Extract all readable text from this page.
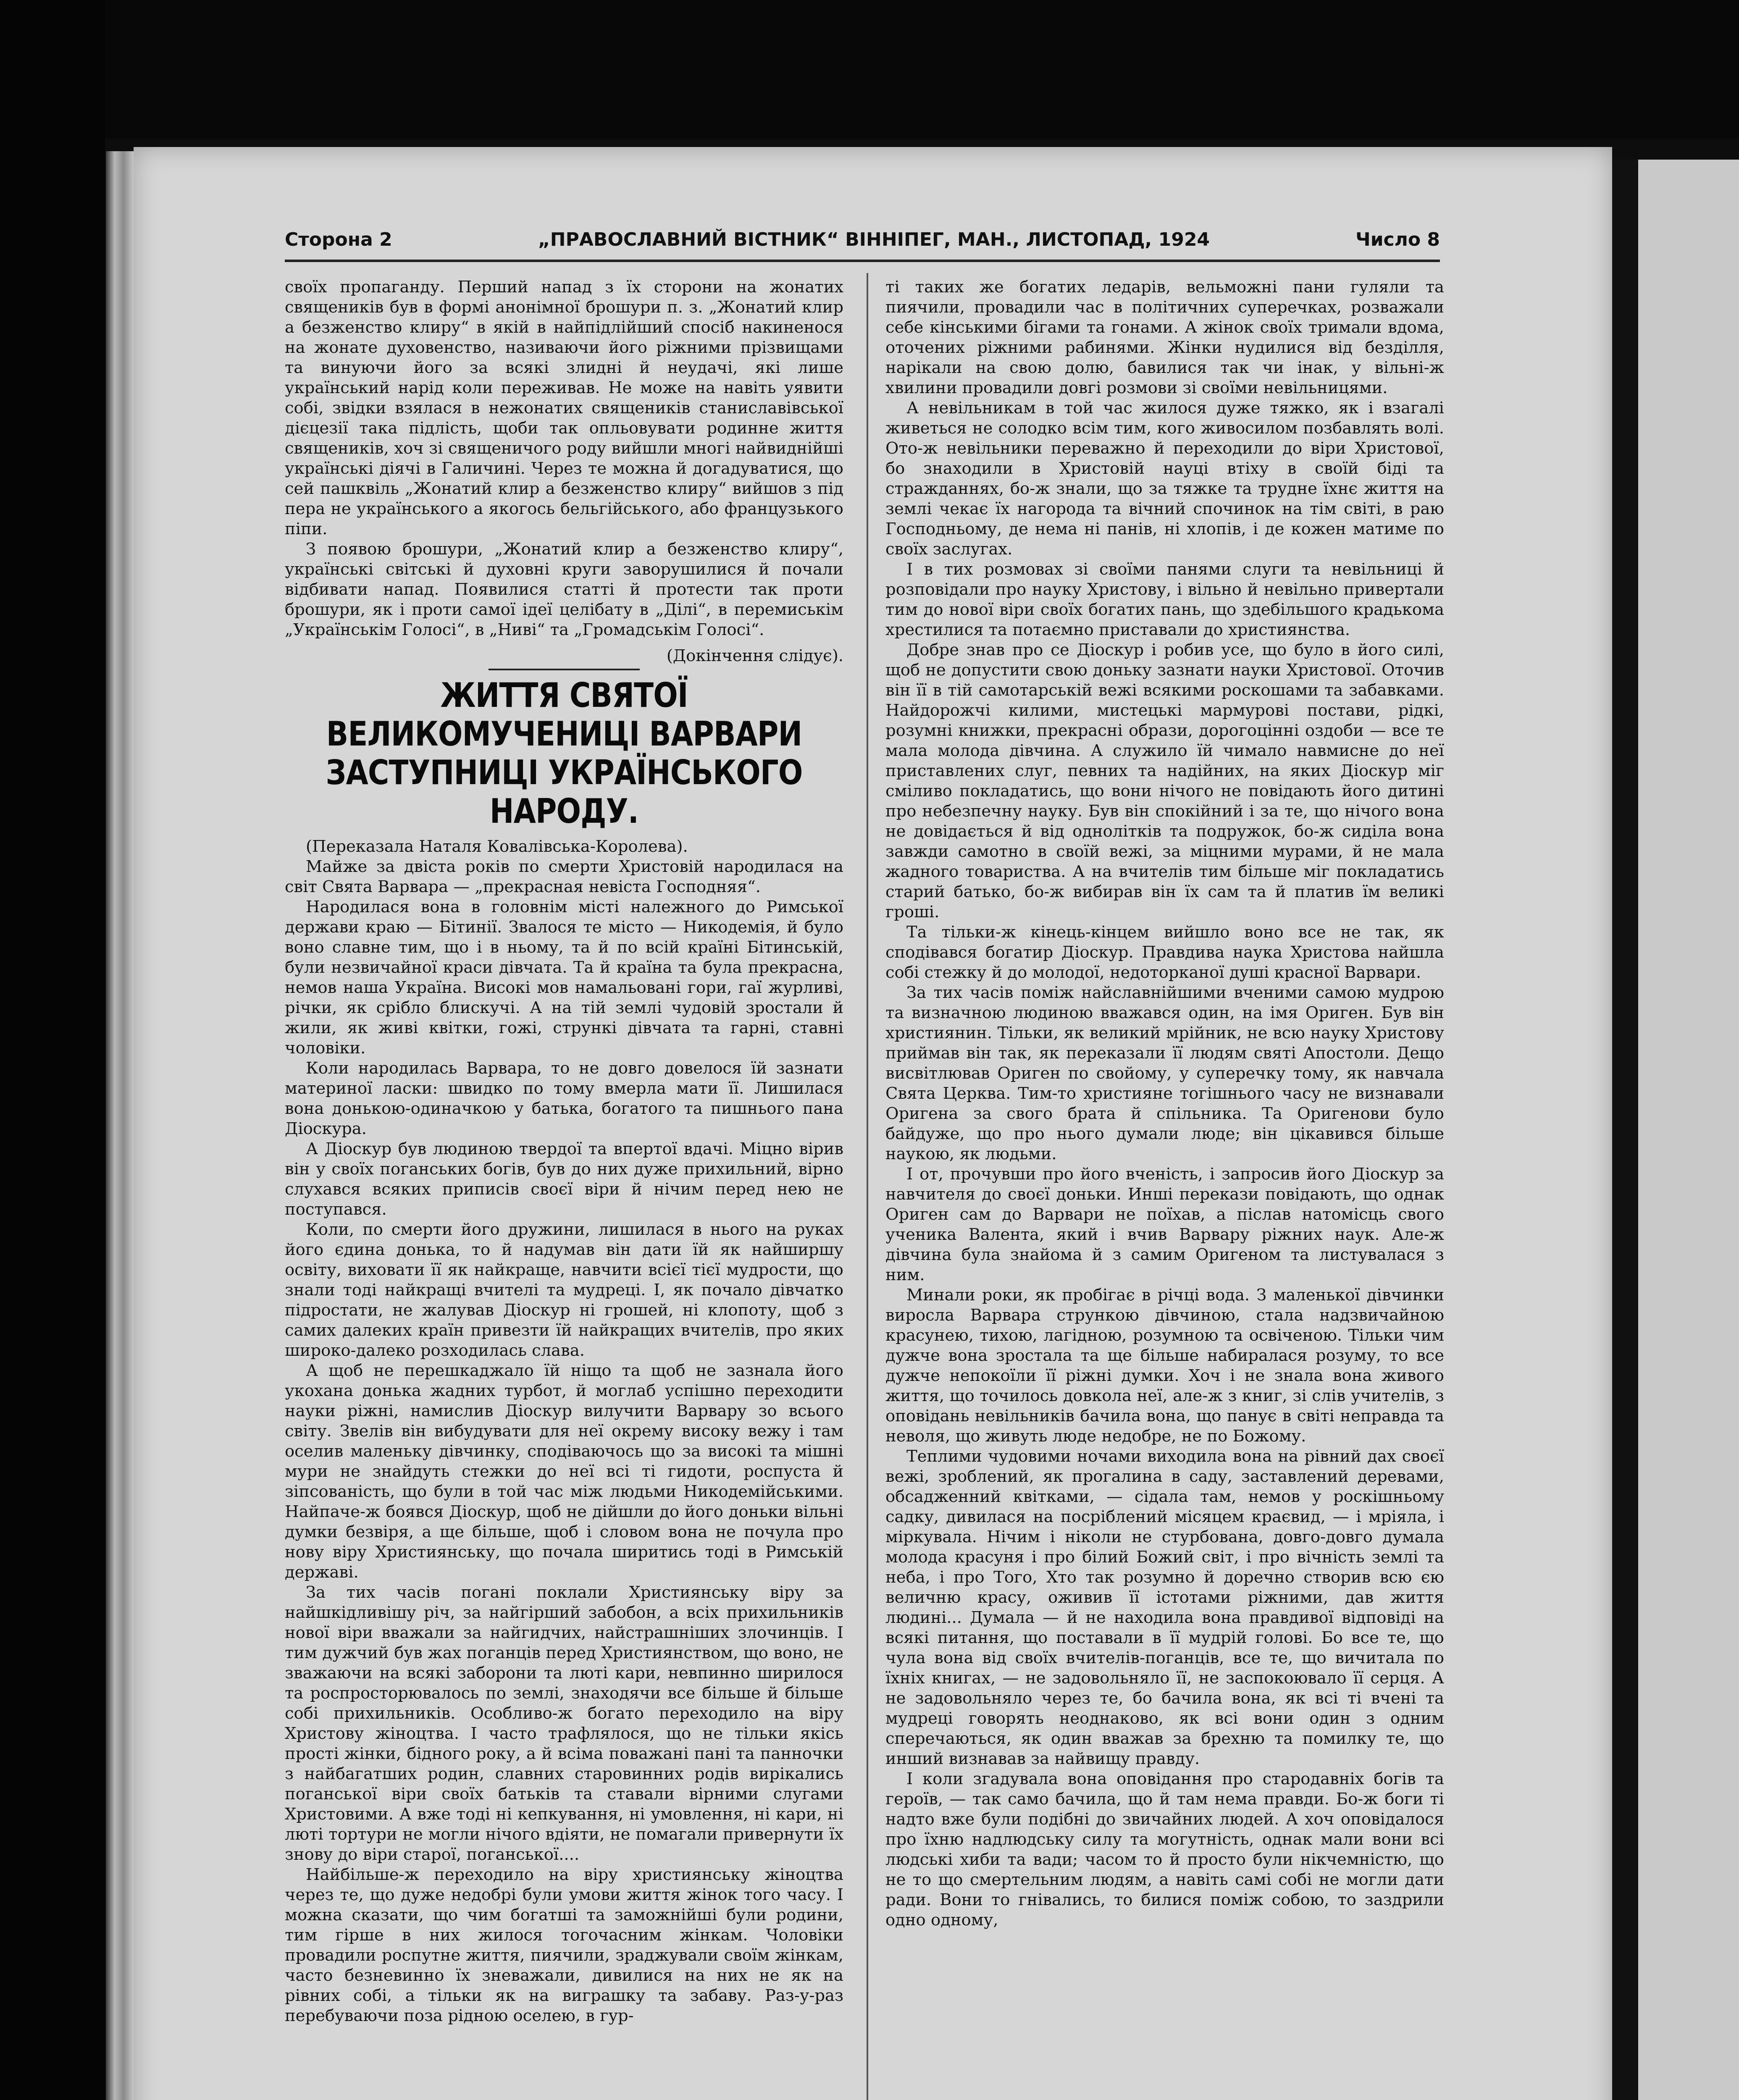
Сторона 2	„ПРАВОСЛАВНИЙ ВІСТНИК“ ВІННІПЕГ, МАН., ЛИСТОПАД, 1924	Число 8

своїх пропаганду. Перший напад з їх сторони на жонатих священиків був в формі анонімної брошури п. з. „Жонатий клир а безженство клиру“ в якій в найпідлійший спосіб накиненося на жонате духовенство, називаючи його ріжними прізвищами та винуючи його за всякі злидні й неудачі, які лише український нарід коли переживав. Не може на навіть уявити собі, звідки взялася в нежонатих священиків станиславівської дієцезії така підлість, щоби так опльовувати родинне життя священиків, хоч зі священичого роду вийшли многі найвиднійші українські діячі в Галичині. Через те можна й догадуватися, що сей пашквіль „Жонатий клир а безженство клиру“ вийшов з під пера не українського а якогось бельгійського, або французького піпи.

З появою брошури, „Жонатий клир а безженство клиру“, українські світські й духовні круги заворушилися й почали відбивати напад. Появилися статті й протести так проти брошури, як і проти самої ідеї целібату в „Ділі“, в перемиськім „Українськім Голосі“, в „Ниві“ та „Громадськім Голосі“.

(Докінчення слідує).

ЖИТТЯ СВЯТОЇ ВЕЛИКОМУЧЕНИЦІ ВАРВАРИ ЗАСТУПНИЦІ УКРАЇНСЬКОГО НАРОДУ.

(Переказала Наталя Ковалівська-Королева).

Майже за двіста років по смерти Христовій народилася на світ Свята Варвара — „прекрасная невіста Господняя“.

Народилася вона в головнім місті належного до Римської держави краю — Бітинії. Звалося те місто — Никодемія, й було воно славне тим, що і в ньому, та й по всій країні Бітинській, були незвичайної краси дівчата. Та й країна та була прекрасна, немов наша Україна. Високі мов намальовані гори, гаї журливі, річки, як срібло блискучі. А на тій землі чудовій зростали й жили, як живі квітки, гожі, стрункі дівчата та гарні, ставні чоловіки.

Коли народилась Варвара, то не довго довелося їй зазнати материної ласки: швидко по тому вмерла мати її. Лишилася вона донькою-одиначкою у батька, богатого та пишнього пана Діоскура.

А Діоскур був людиною твердої та впертої вдачі. Міцно вірив він у своїх поганських богів, був до них дуже прихильний, вірно слухався всяких приписів своєї віри й нічим перед нею не поступався.

Коли, по смерти його дружини, лишилася в нього на руках його єдина донька, то й надумав він дати їй як найширшу освіту, виховати її як найкраще, навчити всієї тієї мудрости, що знали тоді найкращі вчителі та мудреці. І, як почало дівчатко підростати, не жалував Діоскур ні грошей, ні клопоту, щоб з самих далеких країн привезти їй найкращих вчителів, про яких широко-далеко розходилась слава.

А щоб не перешкаджало їй ніщо та щоб не зазнала його укохана донька жадних турбот, й моглаб успішно переходити науки ріжні, намислив Діоскур вилучити Варвару зо всього світу. Звелів він вибудувати для неї окрему високу вежу і там оселив маленьку дівчинку, сподіваючось що за високі та мішні мури не знайдуть стежки до неї всі ті гидоти, роспуста й зіпсованість, що були в той час між людьми Никодемійськими. Найпаче-ж боявся Діоскур, щоб не дійшли до його доньки вільні думки безвіря, а ще більше, щоб і словом вона не почула про нову віру Християнську, що почала ширитись тоді в Римській державі.

За тих часів погані поклали Християнську віру за найшкідливішу річ, за найгірший забобон, а всіх прихильників нової віри вважали за найгидчих, найстрашніших злочинців. І тим дужчий був жах поганців перед Християнством, що воно, не зважаючи на всякі заборони та люті кари, невпинно ширилося та роспросторювалось по землі, знаходячи все більше й більше собі прихильників. Особливо-ж богато переходило на віру Христову жіноцтва. І часто трафлялося, що не тільки якісь прості жінки, бідного року, а й всіма поважані пані та панночки з найбагатших родин, славних старовинних родів вирікались поганської віри своїх батьків та ставали вірними слугами Христовими. А вже тоді ні кепкування, ні умовлення, ні кари, ні люті тортури не могли нічого вдіяти, не помагали привернути їх знову до віри старої, поганської....

Найбільше-ж переходило на віру християнську жіноцтва через те, що дуже недобрі були умови життя жінок того часу. І можна сказати, що чим богатші та заможнійші були родини, тим гірше в них жилося тогочасним жінкам. Чоловіки провадили роспутне життя, пиячили, зраджували своїм жінкам, часто безневинно їх зневажали, дивилися на них не як на рівних собі, а тільки як на виграшку та забаву. Раз-у-раз перебуваючи поза рідною оселею, в гур-

ті таких же богатих ледарів, вельможні пани гуляли та пиячили, провадили час в політичних суперечках, розважали себе кінськими бігами та гонами. А жінок своїх тримали вдома, оточених ріжними рабинями. Жінки нудилися від безділля, нарікали на свою долю, бавилися так чи інак, у вільні-ж хвилини провадили довгі розмови зі своїми невільницями.

А невільникам в той час жилося дуже тяжко, як і взагалі живеться не солодко всім тим, кого живосилом позбавлять волі. Ото-ж невільники переважно й переходили до віри Христової, бо знаходили в Христовій науці втіху в своїй біді та стражданнях, бо-ж знали, що за тяжке та трудне їхнє життя на землі чекає їх нагорода та вічний спочинок на тім світі, в раю Господньому, де нема ні панів, ні хлопів, і де кожен матиме по своїх заслугах.

І в тих розмовах зі своїми панями слуги та невільниці й розповідали про науку Христову, і вільно й невільно привертали тим до нової віри своїх богатих пань, що здебільшого крадькома хрестилися та потаємно приставали до християнства.

Добре знав про се Діоскур і робив усе, що було в його силі, щоб не допустити свою доньку зазнати науки Христової. Оточив він її в тій самотарській вежі всякими роскошами та забавками. Найдорожчі килими, мистецькі мармурові постави, рідкі, розумні книжки, прекрасні образи, дорогоцінні оздоби — все те мала молода дівчина. А служило їй чимало навмисне до неї приставлених слуг, певних та надійних, на яких Діоскур міг сміливо покладатись, що вони нічого не повідають його дитині про небезпечну науку. Був він спокійний і за те, що нічого вона не довідається й від однолітків та подружок, бо-ж сиділа вона завжди самотно в своїй вежі, за міцними мурами, й не мала жадного товариства. А на вчителів тим більше міг покладатись старий батько, бо-ж вибирав він їх сам та й платив їм великі гроші.

Та тільки-ж кінець-кінцем вийшло воно все не так, як сподівався богатир Діоскур. Правдива наука Христова найшла собі стежку й до молодої, недоторканої душі красної Варвари.

За тих часів поміж найславнійшими вченими самою мудрою та визначною людиною вважався один, на імя Ориген. Був він християнин. Тільки, як великий мрійник, не всю науку Христову приймав він так, як переказали її людям святі Апостоли. Дещо висвітлював Ориген по свойому, у суперечку тому, як навчала Свята Церква. Тим-то християне тогішнього часу не визнавали Оригена за свого брата й спільника. Та Оригенови було байдуже, що про нього думали люде; він цікавився більше наукою, як людьми.

І от, прочувши про його вченість, і запросив його Діоскур за навчителя до своєї доньки. Инші перекази повідають, що однак Ориген сам до Варвари не поїхав, а післав натомісць свого ученика Валента, який і вчив Варвару ріжних наук. Але-ж дівчина була знайома й з самим Оригеном та листувалася з ним.

Минали роки, як пробігає в річці вода. З маленької дівчинки виросла Варвара стрункою дівчиною, стала надзвичайною красунею, тихою, лагідною, розумною та освіченою. Тільки чим дужче вона зростала та ще більше набиралася розуму, то все дужче непокоїли її ріжні думки. Хоч і не знала вона живого життя, що точилось довкола неї, але-ж з книг, зі слів учителів, з оповідань невільників бачила вона, що панує в світі неправда та неволя, що живуть люде недобре, не по Божому.

Теплими чудовими ночами виходила вона на рівний дах своєї вежі, зроблений, як прогалина в саду, заставлений деревами, обсадженний квітками, — сідала там, немов у роскішньому садку, дивилася на посріблений місяцем краєвид, — і мріяла, і міркувала. Нічим і ніколи не стурбована, довго-довго думала молода красуня і про білий Божий світ, і про вічність землі та неба, і про Того, Хто так розумно й доречно створив всю єю величню красу, оживив її істотами ріжними, дав життя людині... Думала — й не находила вона правдивої відповіді на всякі питання, що поставали в її мудрій голові. Бо все те, що чула вона від своїх вчителів-поганців, все те, що вичитала по їхніх книгах, — не задовольняло її, не заспокоювало її серця. А не задовольняло через те, бо бачила вона, як всі ті вчені та мудреці говорять неоднаково, як всі вони один з одним сперечаються, як один вважав за брехню та помилку те, що инший визнавав за найвищу правду.

І коли згадувала вона оповідання про стародавніх богів та героїв, — так само бачила, що й там нема правди. Бо-ж боги ті надто вже були подібні до звичайних людей. А хоч оповідалося про їхню надлюдську силу та могутність, однак мали вони всі людські хиби та вади; часом то й просто були нікчемністю, що не то що смертельним людям, а навіть самі собі не могли дати ради. Вони то гнівались, то билися поміж собою, то заздрили одно одному,
